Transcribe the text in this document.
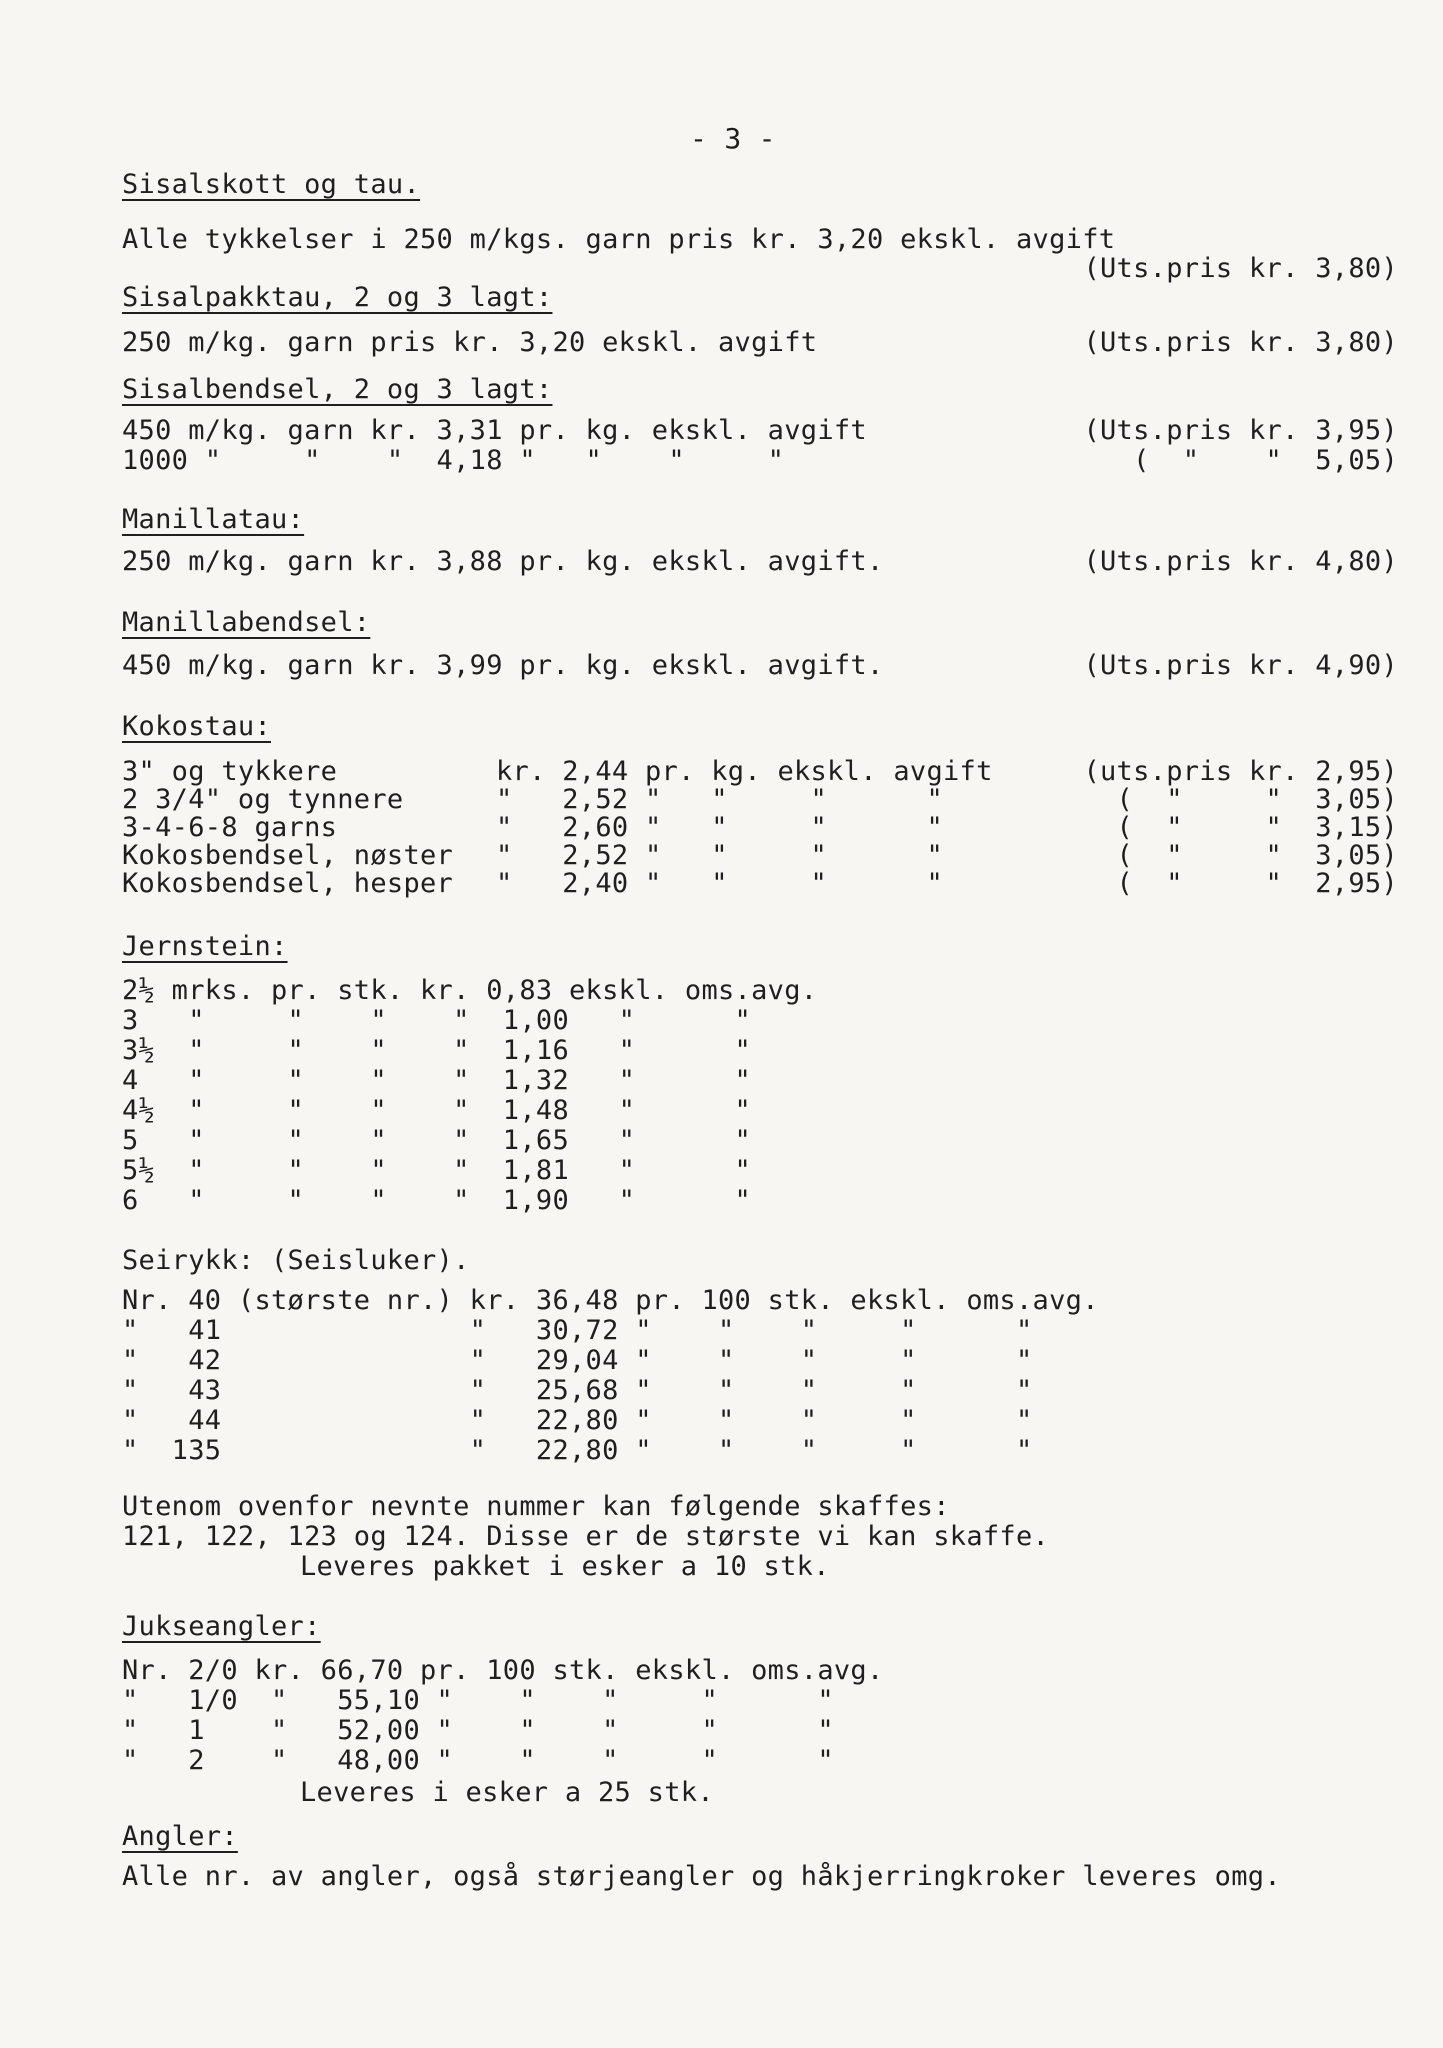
- 3 -
Sisalskott og tau.
Alle tykkelser i 250 m/kgs. garn pris kr. 3,20 ekskl. avgift
(Uts.pris kr. 3,80)
Sisalpakktau, 2 og 3 lagt:
250 m/kg. garn pris kr. 3,20 ekskl. avgift	(Uts.pris kr. 3,80)
Sisalbendsel, 2 og 3 lagt:
450 m/kg. garn kr. 3,31 pr. kg. ekskl. avgift	(Uts.pris kr. 3,95)
1000 "     "    "  4,18 "   "    "     "	(  "    "  5,05)
Manillatau:
250 m/kg. garn kr. 3,88 pr. kg. ekskl. avgift.	(Uts.pris kr. 4,80)
Manillabendsel:
450 m/kg. garn kr. 3,99 pr. kg. ekskl. avgift.	(Uts.pris kr. 4,90)
Kokostau:
3" og tykkere	kr. 2,44 pr. kg. ekskl. avgift	(uts.pris kr. 2,95)
2 3/4" og tynnere	"   2,52 "   "     "      "	(  "     "  3,05)
3-4-6-8 garns	"   2,60 "   "     "      "	(  "     "  3,15)
Kokosbendsel, nøster "   2,52 "   "     "      "	(  "     "  3,05)
Kokosbendsel, hesper "   2,40 "   "     "      "	(  "     "  2,95)
Jernstein:
2½ mrks. pr. stk. kr. 0,83 ekskl. oms.avg.
3   "     "    "    "  1,00   "      "
3½  "     "    "    "  1,16   "      "
4   "     "    "    "  1,32   "      "
4½  "     "    "    "  1,48   "      "
5   "     "    "    "  1,65   "      "
5½  "     "    "    "  1,81   "      "
6   "     "    "    "  1,90   "      "
Seirykk: (Seisluker).
Nr. 40 (største nr.) kr. 36,48 pr. 100 stk. ekskl. oms.avg.
"   41               "   30,72 "    "    "     "      "
"   42               "   29,04 "    "    "     "      "
"   43               "   25,68 "    "    "     "      "
"   44               "   22,80 "    "    "     "      "
"  135               "   22,80 "    "    "     "      "
Utenom ovenfor nevnte nummer kan følgende skaffes:
121, 122, 123 og 124. Disse er de største vi kan skaffe.
Leveres pakket i esker a 10 stk.
Jukseangler:
Nr. 2/0 kr. 66,70 pr. 100 stk. ekskl. oms.avg.
"   1/0  "   55,10 "    "    "     "      "
"   1    "   52,00 "    "    "     "      "
"   2    "   48,00 "    "    "     "      "
Leveres i esker a 25 stk.
Angler:
Alle nr. av angler, også størjeangler og håkjerringkroker leveres omg.
